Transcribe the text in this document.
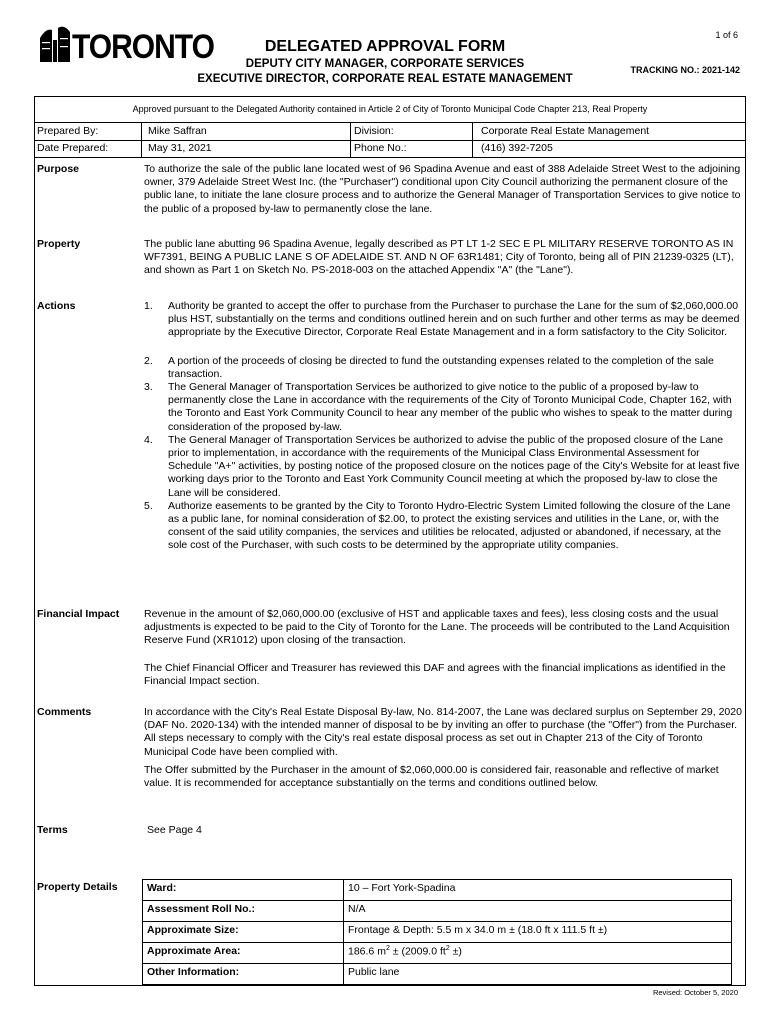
TORONTO	1 of 6
DELEGATED APPROVAL FORM
DEPUTY CITY MANAGER, CORPORATE SERVICES
EXECUTIVE DIRECTOR, CORPORATE REAL ESTATE MANAGEMENT
TRACKING NO.: 2021-142
Approved pursuant to the Delegated Authority contained in Article 2 of City of Toronto Municipal Code Chapter 213, Real Property
Prepared By:	Mike Saffran	Division:	Corporate Real Estate Management
Date Prepared:	May 31, 2021	Phone No.:	(416) 392-7205
Purpose	To authorize the sale of the public lane located west of 96 Spadina Avenue and east of 388 Adelaide Street West to the adjoining owner, 379 Adelaide Street West Inc. (the "Purchaser") conditional upon City Council authorizing the permanent closure of the public lane, to initiate the lane closure process and to authorize the General Manager of Transportation Services to give notice to the public of a proposed by-law to permanently close the lane.
Property	The public lane abutting 96 Spadina Avenue, legally described as PT LT 1-2 SEC E PL MILITARY RESERVE TORONTO AS IN WF7391, BEING A PUBLIC LANE S OF ADELAIDE ST. AND N OF 63R1481; City of Toronto, being all of PIN 21239-0325 (LT), and shown as Part 1 on Sketch No. PS-2018-003 on the attached Appendix "A" (the "Lane").
Actions	1. Authority be granted to accept the offer to purchase from the Purchaser to purchase the Lane for the sum of $2,060,000.00 plus HST, substantially on the terms and conditions outlined herein and on such further and other terms as may be deemed appropriate by the Executive Director, Corporate Real Estate Management and in a form satisfactory to the City Solicitor.
2. A portion of the proceeds of closing be directed to fund the outstanding expenses related to the completion of the sale transaction.
3. The General Manager of Transportation Services be authorized to give notice to the public of a proposed by-law to permanently close the Lane in accordance with the requirements of the City of Toronto Municipal Code, Chapter 162, with the Toronto and East York Community Council to hear any member of the public who wishes to speak to the matter during consideration of the proposed by-law.
4. The General Manager of Transportation Services be authorized to advise the public of the proposed closure of the Lane prior to implementation, in accordance with the requirements of the Municipal Class Environmental Assessment for Schedule "A+" activities, by posting notice of the proposed closure on the notices page of the City's Website for at least five working days prior to the Toronto and East York Community Council meeting at which the proposed by-law to close the Lane will be considered.
5. Authorize easements to be granted by the City to Toronto Hydro-Electric System Limited following the closure of the Lane as a public lane, for nominal consideration of $2.00, to protect the existing services and utilities in the Lane, or, with the consent of the said utility companies, the services and utilities be relocated, adjusted or abandoned, if necessary, at the sole cost of the Purchaser, with such costs to be determined by the appropriate utility companies.
Financial Impact Revenue in the amount of $2,060,000.00 (exclusive of HST and applicable taxes and fees), less closing costs and the usual adjustments is expected to be paid to the City of Toronto for the Lane. The proceeds will be contributed to the Land Acquisition Reserve Fund (XR1012) upon closing of the transaction.
The Chief Financial Officer and Treasurer has reviewed this DAF and agrees with the financial implications as identified in the Financial Impact section.
Comments	In accordance with the City's Real Estate Disposal By-law, No. 814-2007, the Lane was declared surplus on September 29, 2020 (DAF No. 2020-134) with the intended manner of disposal to be by inviting an offer to purchase (the "Offer") from the Purchaser. All steps necessary to comply with the City's real estate disposal process as set out in Chapter 213 of the City of Toronto Municipal Code have been complied with.
The Offer submitted by the Purchaser in the amount of $2,060,000.00 is considered fair, reasonable and reflective of market value. It is recommended for acceptance substantially on the terms and conditions outlined below.
Terms	See Page 4
Property Details	Ward:	10 – Fort York-Spadina
Assessment Roll No.:	N/A
Approximate Size:	Frontage & Depth: 5.5 m x 34.0 m ± (18.0 ft x 111.5 ft ±)
Approximate Area:	186.6 $m^2 \pm (2009.0$ $ft^2$ ±)
Other Information:	Public lane
Revised: October 5, 2020
